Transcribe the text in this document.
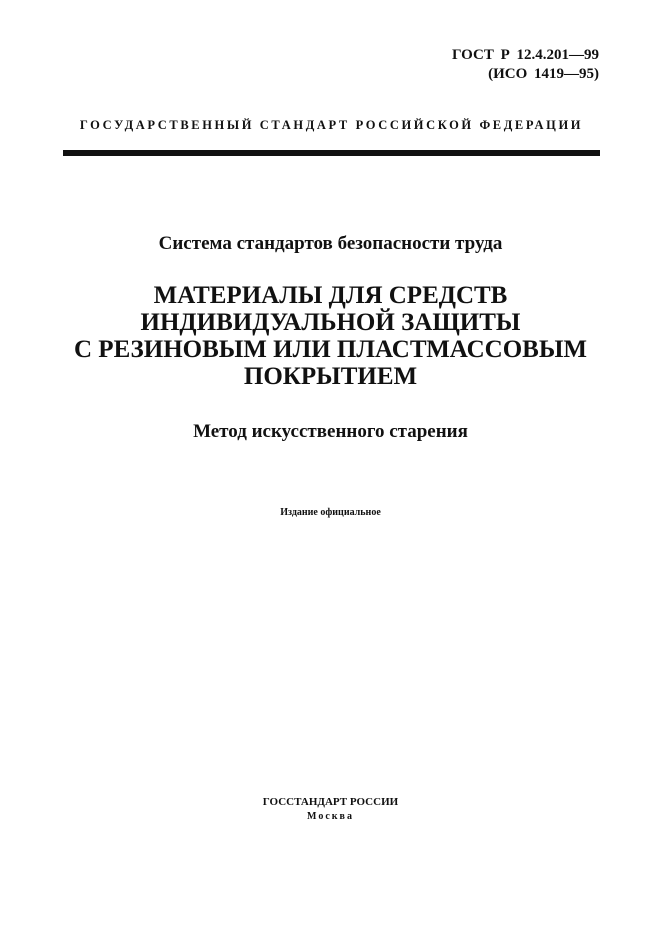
ГОСТ Р 12.4.201—99
(ИСО 1419—95)
ГОСУДАРСТВЕННЫЙ СТАНДАРТ РОССИЙСКОЙ ФЕДЕРАЦИИ
Система стандартов безопасности труда
МАТЕРИАЛЫ ДЛЯ СРЕДСТВ
ИНДИВИДУАЛЬНОЙ ЗАЩИТЫ
С РЕЗИНОВЫМ ИЛИ ПЛАСТМАССОВЫМ
ПОКРЫТИЕМ
Метод искусственного старения
Издание официальное
ГОССТАНДАРТ РОССИИ
Москва
